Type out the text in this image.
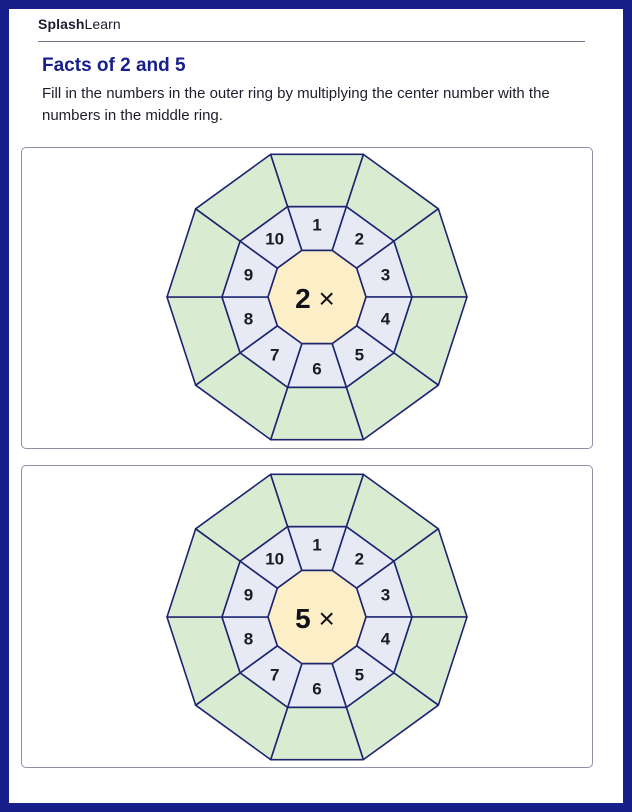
SplashLearn
Facts of 2 and 5
Fill in the numbers in the outer ring by multiplying the center number with the numbers in the middle ring.
1
2
3
4
5
6
7
8
9
10
2 ×
1
2
3
4
5
6
7
8
9
10
5 ×
